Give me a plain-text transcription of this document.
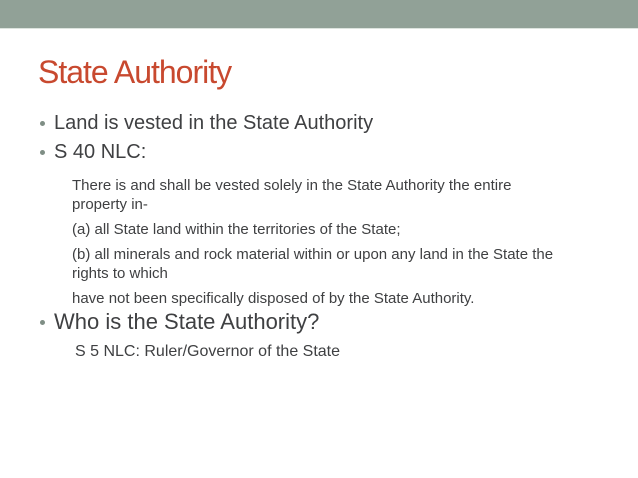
State Authority
Land is vested in the State Authority
S 40 NLC:
There is and shall be vested solely in the State Authority the entire
property in-
(a) all State land within the territories of the State;
(b) all minerals and rock material within or upon any land in the State the
rights to which
have not been specifically disposed of by the State Authority.
Who is the State Authority?
S 5 NLC: Ruler/Governor of the State
